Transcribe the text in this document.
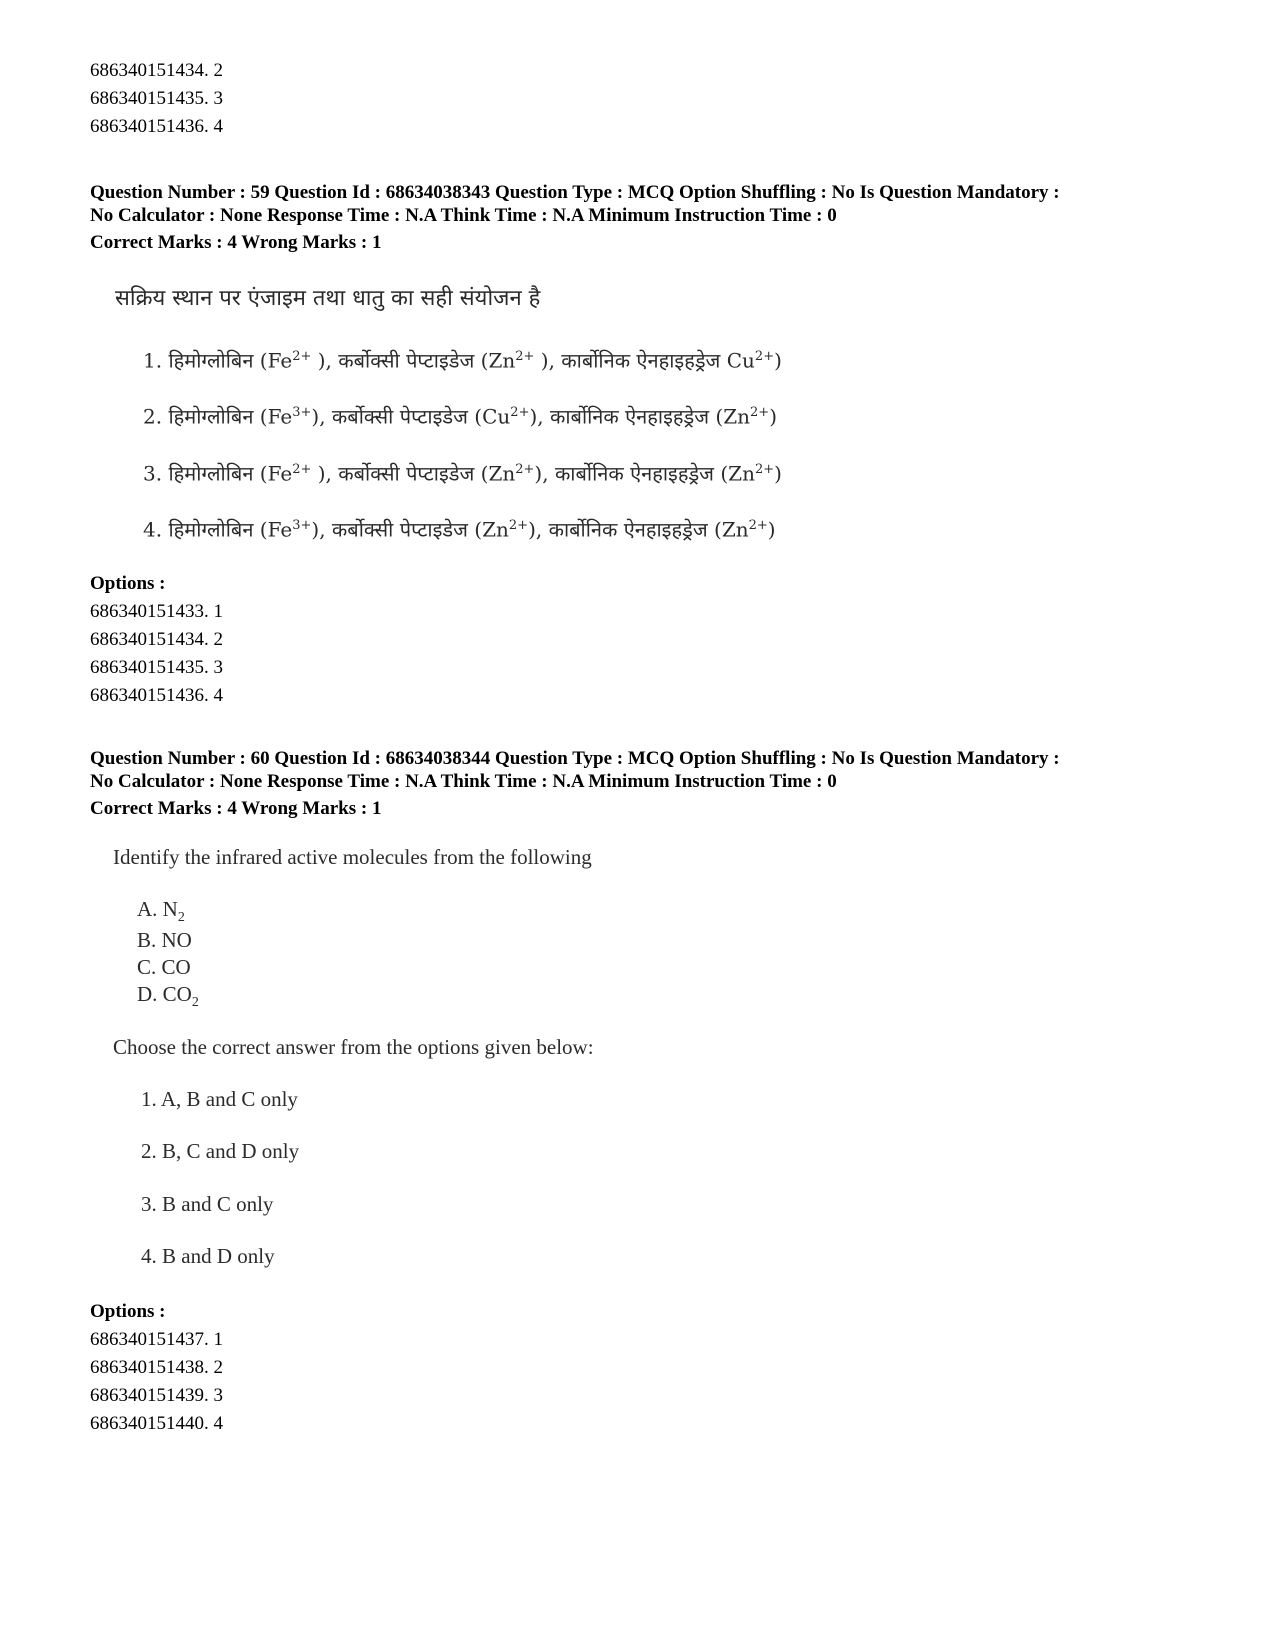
686340151434. 2
686340151435. 3
686340151436. 4
Question Number : 59 Question Id : 68634038343 Question Type : MCQ Option Shuffling : No Is Question Mandatory :
No Calculator : None Response Time : N.A Think Time : N.A Minimum Instruction Time : 0
Correct Marks : 4 Wrong Marks : 1
सक्रिय स्थान पर एंजाइम तथा धातु का सही संयोजन है
1. हिमोग्लोबिन ($Fe^{2+}$ ), कर्बोक्सी पेप्टाइडेज ($Zn^{2+}$ ), कार्बोनिक ऐनहाइहड्रेज $Cu^{2+}$)
2. हिमोग्लोबिन $(Fe^{3+})$, कर्बोक्सी पेप्टाइडेज $(Cu^{2+})$, कार्बोनिक ऐनहाइहड्रेज $(Zn^{2+})$
3. हिमोग्लोबिन ($Fe^{2+}$ ), कर्बोक्सी पेप्टाइडेज $(Zn^{2+})$, कार्बोनिक ऐनहाइहड्रेज $(Zn^{2+})$
4. हिमोग्लोबिन $(Fe^{3+})$, कर्बोक्सी पेप्टाइडेज $(Zn^{2+})$, कार्बोनिक ऐनहाइहड्रेज $(Zn^{2+})$
Options :
686340151433. 1
686340151434. 2
686340151435. 3
686340151436. 4
Question Number : 60 Question Id : 68634038344 Question Type : MCQ Option Shuffling : No Is Question Mandatory :
No Calculator : None Response Time : N.A Think Time : N.A Minimum Instruction Time : 0
Correct Marks : 4 Wrong Marks : 1
Identify the infrared active molecules from the following
A. $N_2$
B. NO
C. CO
D. $CO_2$
Choose the correct answer from the options given below:
1. A, B and C only
2. B, C and D only
3. B and C only
4. B and D only
Options :
686340151437. 1
686340151438. 2
686340151439. 3
686340151440. 4
